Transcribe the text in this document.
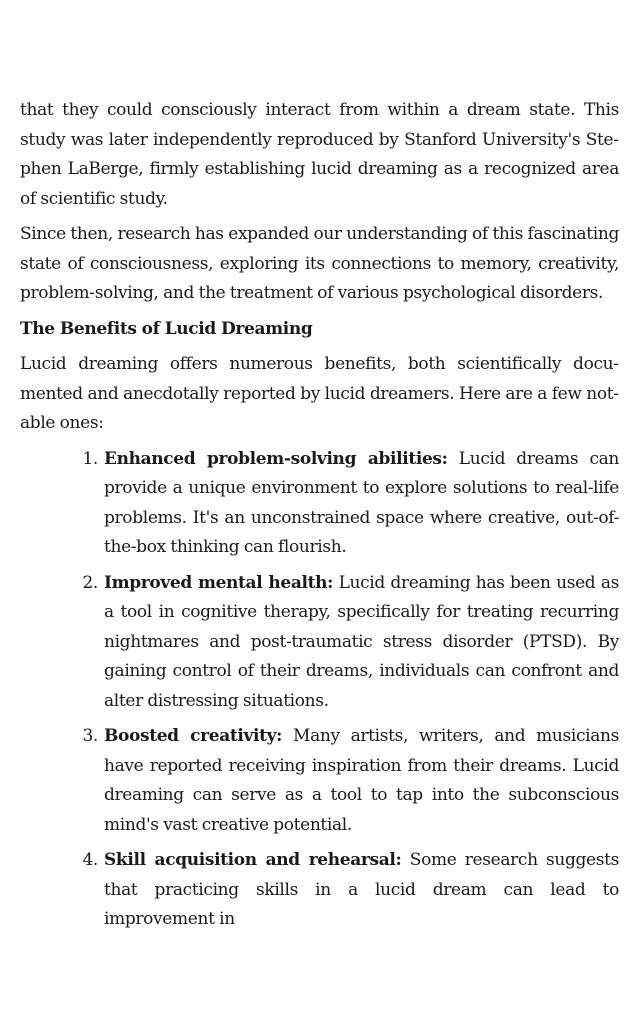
that they could consciously interact from within a dream state. This study was later independently reproduced by Stanford University's Stephen LaBerge, firmly establishing lucid dreaming as a recognized area of scientific study.

Since then, research has expanded our understanding of this fascinating state of consciousness, exploring its connections to memory, creativity, problem-solving, and the treatment of various psychological disorders.

The Benefits of Lucid Dreaming

Lucid dreaming offers numerous benefits, both scientifically documented and anecdotally reported by lucid dreamers. Here are a few notable ones:

1. Enhanced problem-solving abilities: Lucid dreams can provide a unique environment to explore solutions to real-life problems. It's an unconstrained space where creative, out-of-the-box thinking can flourish.
2. Improved mental health: Lucid dreaming has been used as a tool in cognitive therapy, specifically for treating recurring nightmares and post-traumatic stress disorder (PTSD). By gaining control of their dreams, individuals can confront and alter distressing situations.
3. Boosted creativity: Many artists, writers, and musicians have reported receiving inspiration from their dreams. Lucid dreaming can serve as a tool to tap into the subconscious mind's vast creative potential.
4. Skill acquisition and rehearsal: Some research suggests that practicing skills in a lucid dream can lead to improvement in
